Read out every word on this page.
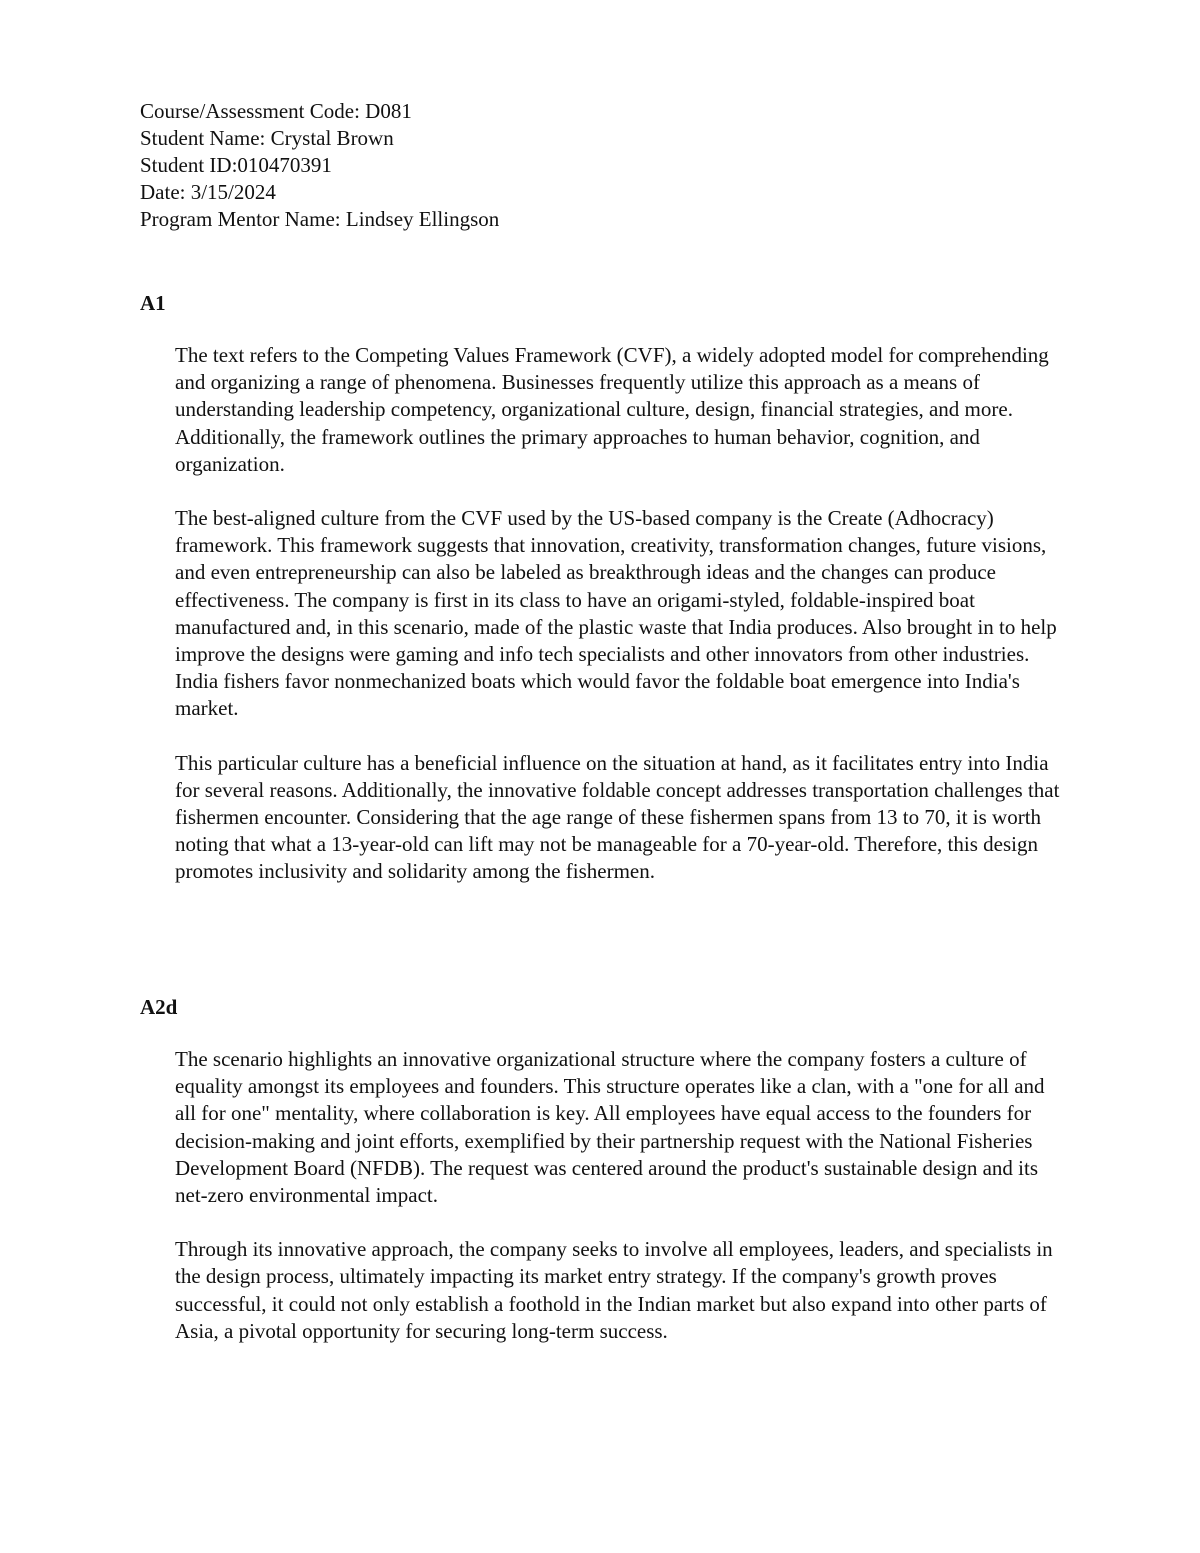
Course/Assessment Code: D081
Student Name: Crystal Brown
Student ID:010470391
Date: 3/15/2024
Program Mentor Name: Lindsey Ellingson
A1

The text refers to the Competing Values Framework (CVF), a widely adopted model for comprehending and organizing a range of phenomena. Businesses frequently utilize this approach as a means of understanding leadership competency, organizational culture, design, financial strategies, and more. Additionally, the framework outlines the primary approaches to human behavior, cognition, and organization.

The best-aligned culture from the CVF used by the US-based company is the Create (Adhocracy) framework. This framework suggests that innovation, creativity, transformation changes, future visions, and even entrepreneurship can also be labeled as breakthrough ideas and the changes can produce effectiveness. The company is first in its class to have an origami-styled, foldable-inspired boat manufactured and, in this scenario, made of the plastic waste that India produces. Also brought in to help improve the designs were gaming and info tech specialists and other innovators from other industries. India fishers favor nonmechanized boats which would favor the foldable boat emergence into India's market.

This particular culture has a beneficial influence on the situation at hand, as it facilitates entry into India for several reasons. Additionally, the innovative foldable concept addresses transportation challenges that fishermen encounter. Considering that the age range of these fishermen spans from 13 to 70, it is worth noting that what a 13-year-old can lift may not be manageable for a 70-year-old. Therefore, this design promotes inclusivity and solidarity among the fishermen.

A2d

The scenario highlights an innovative organizational structure where the company fosters a culture of equality amongst its employees and founders. This structure operates like a clan, with a "one for all and all for one" mentality, where collaboration is key. All employees have equal access to the founders for decision-making and joint efforts, exemplified by their partnership request with the National Fisheries Development Board (NFDB). The request was centered around the product's sustainable design and its net-zero environmental impact.

Through its innovative approach, the company seeks to involve all employees, leaders, and specialists in the design process, ultimately impacting its market entry strategy. If the company's growth proves successful, it could not only establish a foothold in the Indian market but also expand into other parts of Asia, a pivotal opportunity for securing long-term success.
